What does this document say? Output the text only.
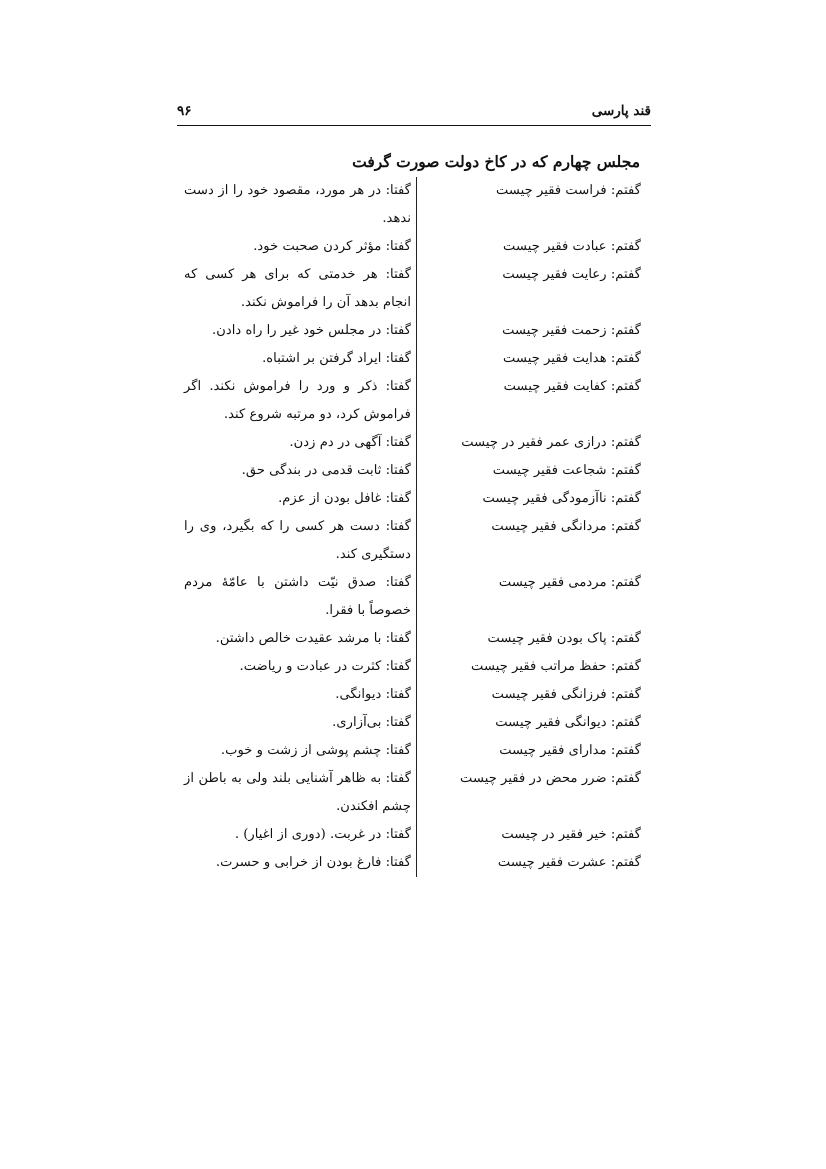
قند پارسی
۹۶
مجلس چهارم که در کاخ دولت صورت گرفت
گفتم: فراست فقیر چیست
گفتا: در هر مورد، مقصود خود را از دست ندهد.
گفتم: عبادت فقیر چیست
گفتا: مؤثر کردن صحبت خود.
گفتم: رعایت فقیر چیست
گفتا: هر خدمتی که برای هر کسی که انجام بدهد آن را فراموش نکند.
گفتم: زحمت فقیر چیست
گفتا: در مجلس خود غیر را راه دادن.
گفتم: هدایت فقیر چیست
گفتا: ایراد گرفتن بر اشتباه.
گفتم: کفایت فقیر چیست
گفتا: ذکر و ورد را فراموش نکند. اگر فراموش کرد، دو مرتبه شروع کند.
گفتم: درازی عمر فقیر در چیست
گفتا: آگهی در دم زدن.
گفتم: شجاعت فقیر چیست
گفتا: ثابت قدمی در بندگی حق.
گفتم: ناآزمودگی فقیر چیست
گفتا: غافل بودن از عزم.
گفتم: مردانگی فقیر چیست
گفتا: دست هر کسی را که بگیرد، وی را دستگیری کند.
گفتم: مردمی فقیر چیست
گفتا: صدق نیّت داشتن با عامّۀ مردم خصوصاً با فقرا.
گفتم: پاک بودن فقیر چیست
گفتا: با مرشد عقیدت خالص داشتن.
گفتم: حفظ مراتب فقیر چیست
گفتا: کثرت در عبادت و ریاضت.
گفتم: فرزانگی فقیر چیست
گفتا: دیوانگی.
گفتم: دیوانگی فقیر چیست
گفتا: بی‌آزاری.
گفتم: مدارای فقیر چیست
گفتا: چشم پوشی از زشت و خوب.
گفتم: ضرر محض در فقیر چیست
گفتا: به ظاهر آشنایی بلند ولی به باطن از چشم افکندن.
گفتم: خیر فقیر در چیست
گفتا: در غربت. (دوری از اغیار) .
گفتم: عشرت فقیر چیست
گفتا: فارغ بودن از خرابی و حسرت.
